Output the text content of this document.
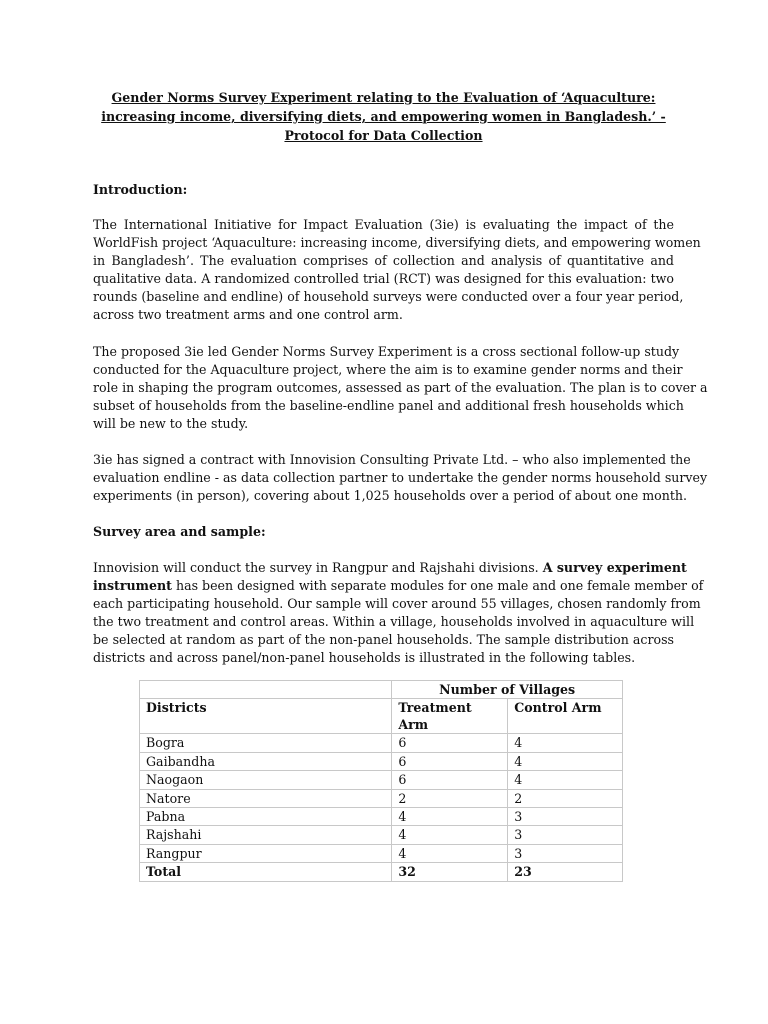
Gender Norms Survey Experiment relating to the Evaluation of ‘Aquaculture:
increasing income, diversifying diets, and empowering women in Bangladesh.’ -
Protocol for Data Collection
Introduction:
The International Initiative for Impact Evaluation (3ie) is evaluating the impact of the
WorldFish project ‘Aquaculture: increasing income, diversifying diets, and empowering women
in Bangladesh’. The evaluation comprises of collection and analysis of quantitative and
qualitative data. A randomized controlled trial (RCT) was designed for this evaluation: two
rounds (baseline and endline) of household surveys were conducted over a four year period,
across two treatment arms and one control arm.
The proposed 3ie led Gender Norms Survey Experiment is a cross sectional follow-up study
conducted for the Aquaculture project, where the aim is to examine gender norms and their
role in shaping the program outcomes, assessed as part of the evaluation. The plan is to cover a
subset of households from the baseline-endline panel and additional fresh households which
will be new to the study.
3ie has signed a contract with Innovision Consulting Private Ltd. – who also implemented the
evaluation endline - as data collection partner to undertake the gender norms household survey
experiments (in person), covering about 1,025 households over a period of about one month.
Survey area and sample:
Innovision will conduct the survey in Rangpur and Rajshahi divisions. A survey experiment
instrument has been designed with separate modules for one male and one female member of
each participating household. Our sample will cover around 55 villages, chosen randomly from
the two treatment and control areas. Within a village, households involved in aquaculture will
be selected at random as part of the non-panel households. The sample distribution across
districts and across panel/non-panel households is illustrated in the following tables.
	Number of Villages	
Districts	Treatment Arm	Control Arm
Bogra	6	4
Gaibandha	6	4
Naogaon	6	4
Natore	2	2
Pabna	4	3
Rajshahi	4	3
Rangpur	4	3
Total	32	23
